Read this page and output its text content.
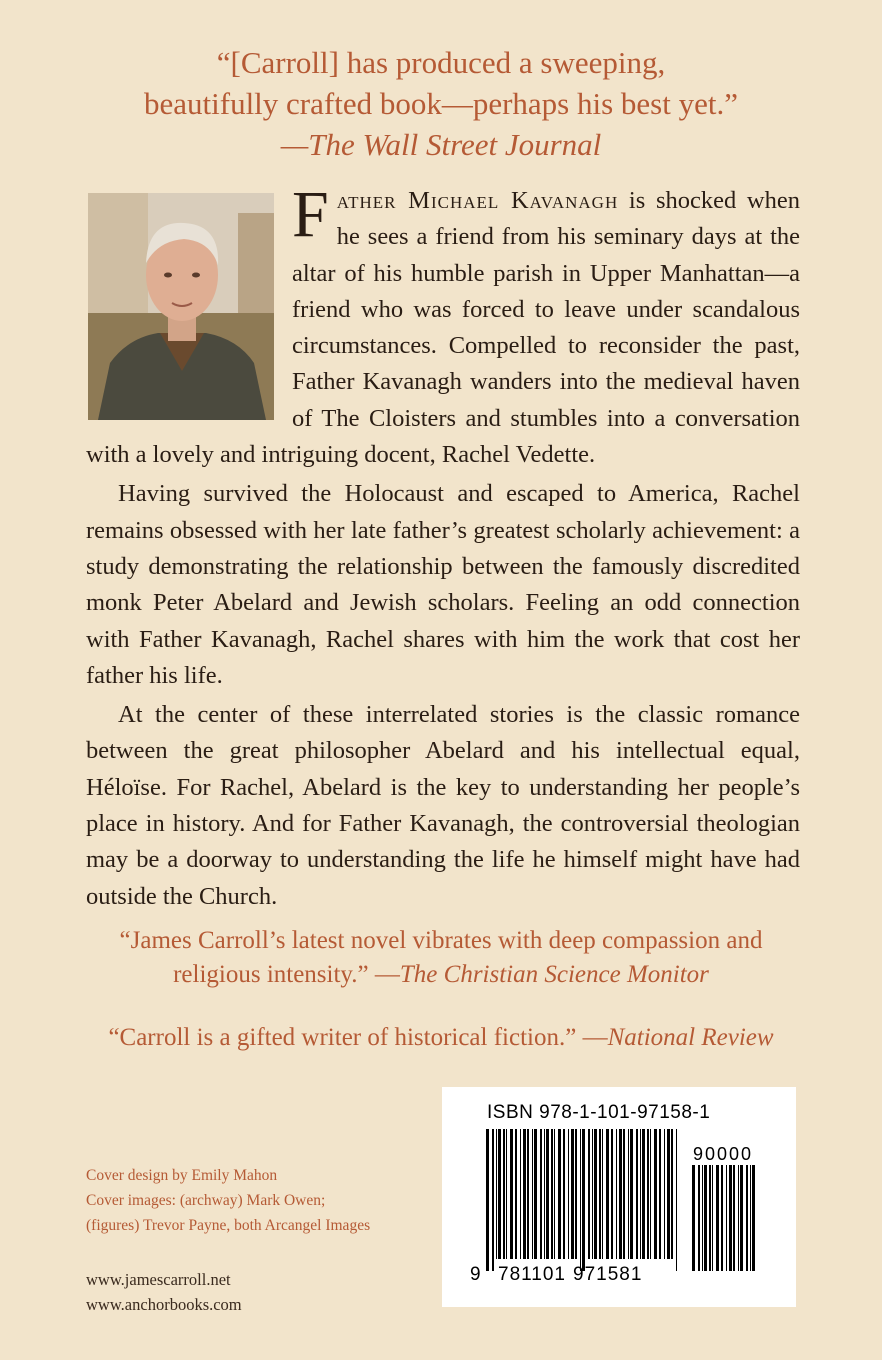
“[Carroll] has produced a sweeping,
beautifully crafted book—perhaps his best yet.”
—The Wall Street Journal

Father Michael Kavanagh is shocked when he sees a friend from his seminary days at the altar of his humble parish in Upper Manhattan—a friend who was forced to leave under scandalous circumstances. Compelled to reconsider the past, Father Kavanagh wanders into the medieval haven of The Cloisters and stumbles into a conversation with a lovely and intriguing docent, Rachel Vedette.

Having survived the Holocaust and escaped to America, Rachel remains obsessed with her late father’s greatest scholarly achievement: a study demonstrating the relationship between the famously discredited monk Peter Abelard and Jewish scholars. Feeling an odd connection with Father Kavanagh, Rachel shares with him the work that cost her father his life.

At the center of these interrelated stories is the classic romance between the great philosopher Abelard and his intellectual equal, Héloïse. For Rachel, Abelard is the key to understanding her people’s place in history. And for Father Kavanagh, the controversial theologian may be a doorway to understanding the life he himself might have had outside the Church.

“James Carroll’s latest novel vibrates with deep compassion and
religious intensity.” —The Christian Science Monitor
“Carroll is a gifted writer of historical fiction.” —National Review
Cover design by Emily Mahon
Cover images: (archway) Mark Owen;
(figures) Trevor Payne, both Arcangel Images
www.jamescarroll.net
www.anchorbooks.com
ISBN 978-1-101-97158-1
90000
9 781101 971581
